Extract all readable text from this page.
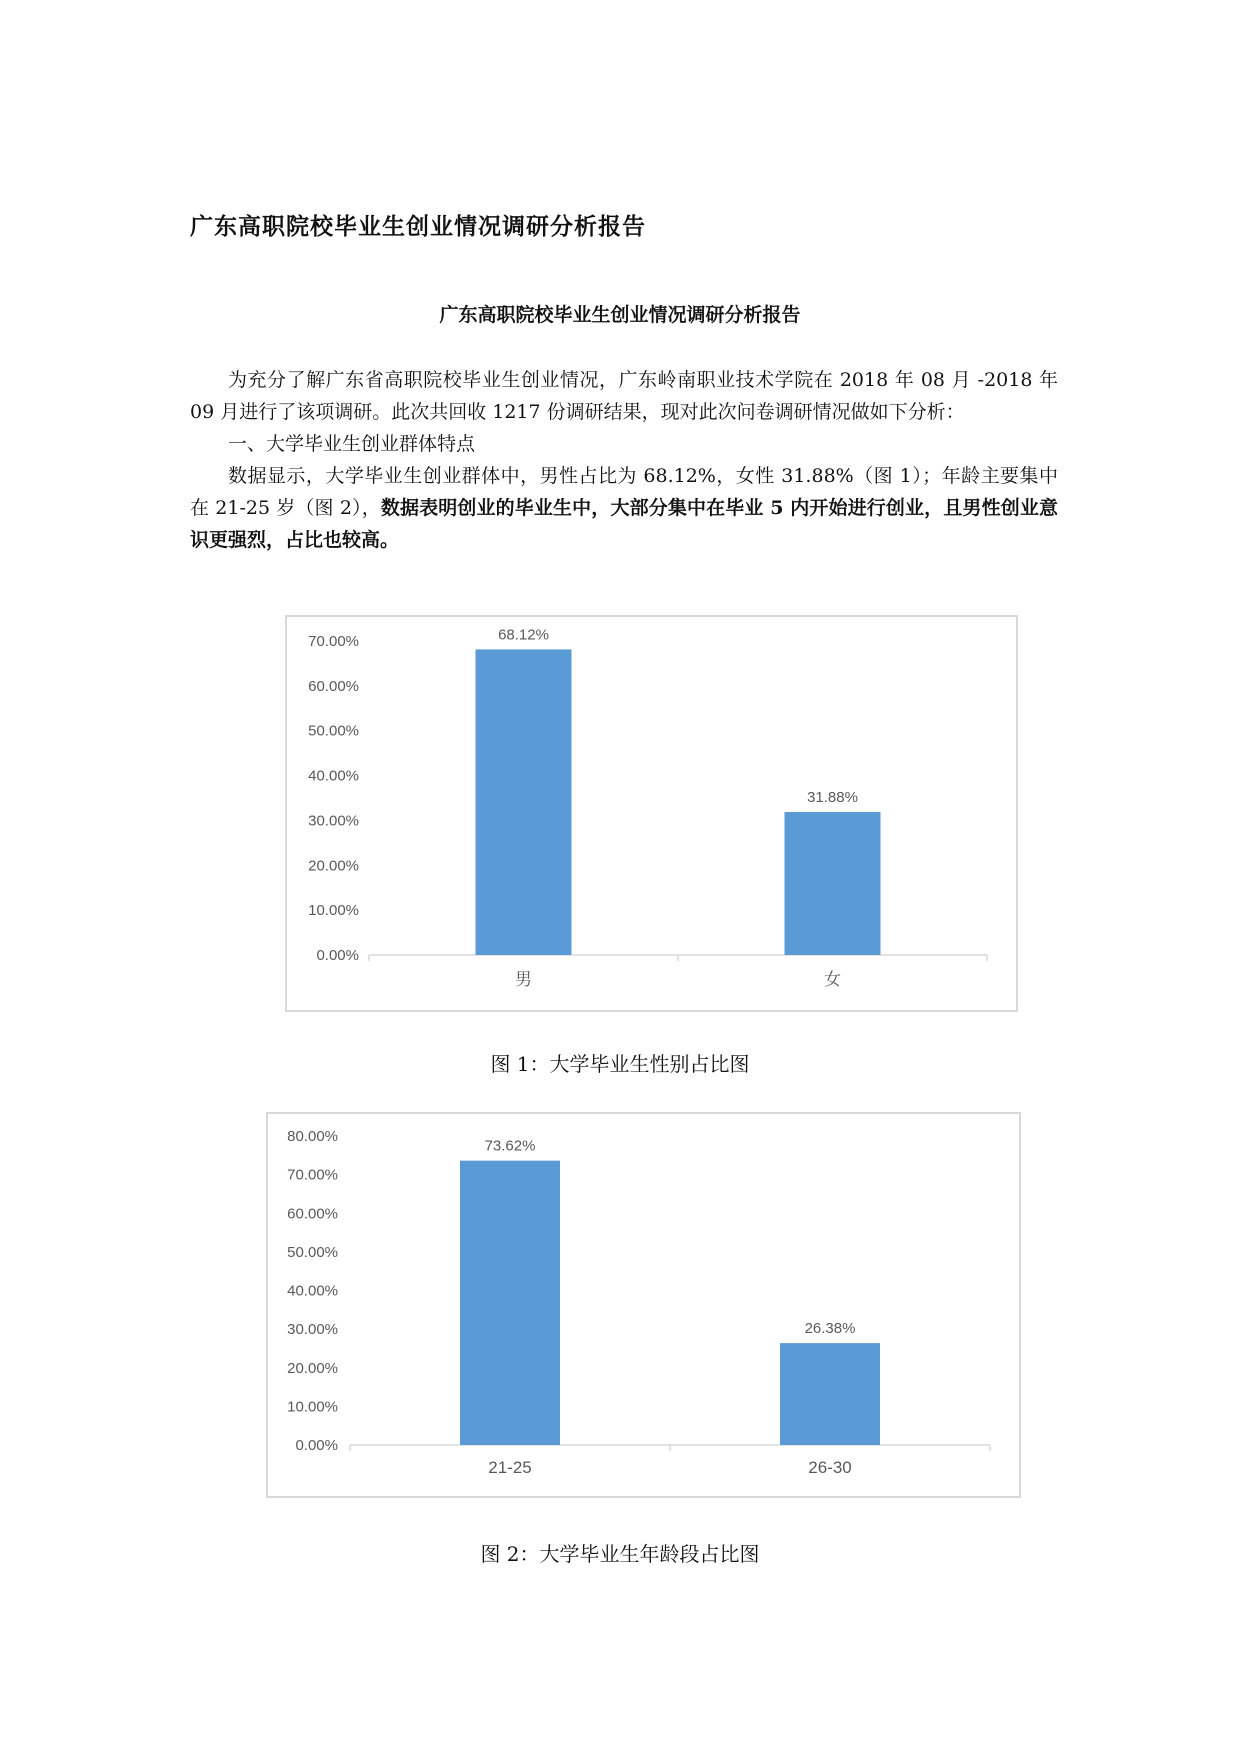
广东高职院校毕业生创业情况调研分析报告
广东高职院校毕业生创业情况调研分析报告

为充分了解广东省高职院校毕业生创业情况，广东岭南职业技术学院在 2018 年 08 月 -2018 年 09 月进行了该项调研。此次共回收 1217 份调研结果，现对此次问卷调研情况做如下分析：

一、大学毕业生创业群体特点

数据显示，大学毕业生创业群体中，男性占比为 68.12%，女性 31.88%（图 1）；年龄主要集中在 21-25 岁（图 2），数据表明创业的毕业生中，大部分集中在毕业 5 内开始进行创业，且男性创业意识更强烈，占比也较高。

0.00%
10.00%
20.00%
30.00%
40.00%
50.00%
60.00%
70.00%	68.12%
男
31.88%
女
图 1：大学毕业生性别占比图
0.00%
10.00%
20.00%
30.00%
40.00%
50.00%
60.00%
70.00%
80.00%
73.62%
21-25
26.38%
26-30
图 2：大学毕业生年龄段占比图
